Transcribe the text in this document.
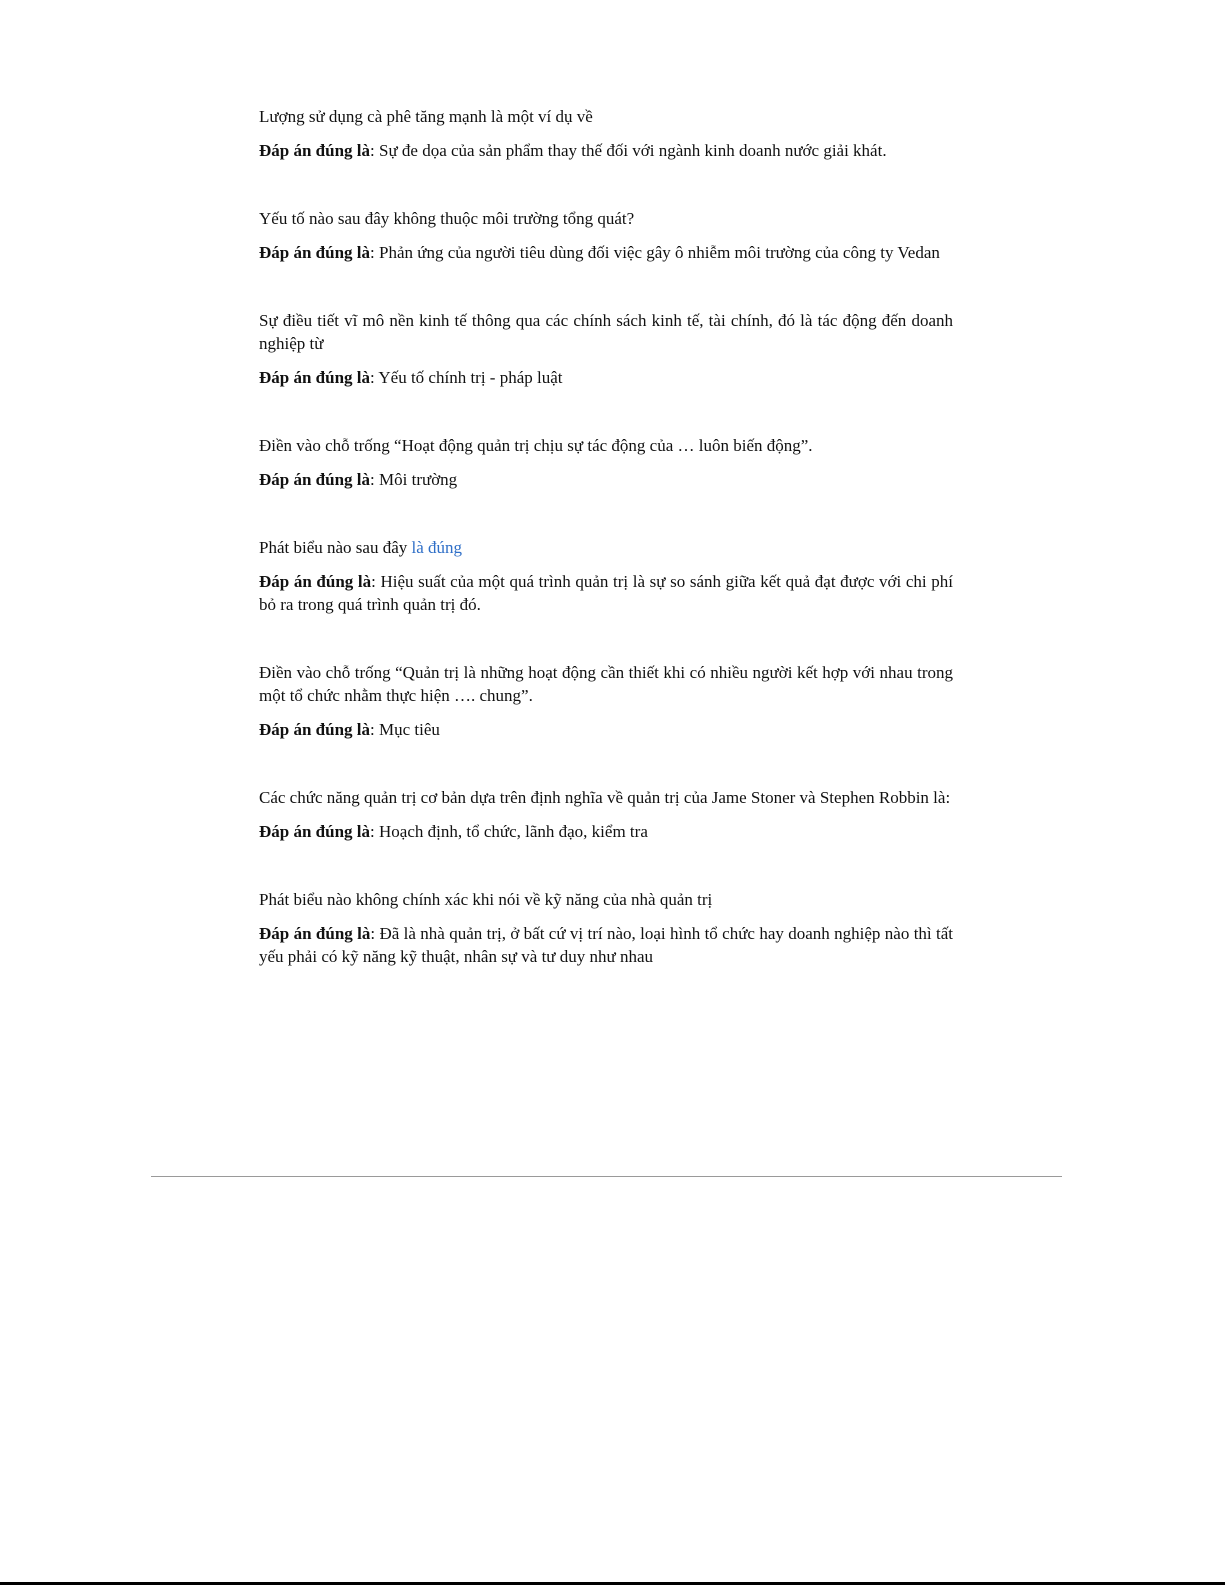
Lượng sử dụng cà phê tăng mạnh là một ví dụ về

Đáp án đúng là: Sự đe dọa của sản phẩm thay thế đối với ngành kinh doanh nước giải khát.

Yếu tố nào sau đây không thuộc môi trường tổng quát?

Đáp án đúng là: Phản ứng của người tiêu dùng đối việc gây ô nhiễm môi trường của công ty Vedan

Sự điều tiết vĩ mô nền kinh tế thông qua các chính sách kinh tế, tài chính, đó là tác động đến doanh nghiệp từ

Đáp án đúng là: Yếu tố chính trị - pháp luật

Điền vào chỗ trống “Hoạt động quản trị chịu sự tác động của … luôn biến động”.

Đáp án đúng là: Môi trường

Phát biểu nào sau đây là đúng

Đáp án đúng là: Hiệu suất của một quá trình quản trị là sự so sánh giữa kết quả đạt được với chi phí bỏ ra trong quá trình quản trị đó.

Điền vào chỗ trống “Quản trị là những hoạt động cần thiết khi có nhiều người kết hợp với nhau trong một tổ chức nhằm thực hiện …. chung”.

Đáp án đúng là: Mục tiêu

Các chức năng quản trị cơ bản dựa trên định nghĩa về quản trị của Jame Stoner và Stephen Robbin là:

Đáp án đúng là: Hoạch định, tổ chức, lãnh đạo, kiểm tra

Phát biểu nào không chính xác khi nói về kỹ năng của nhà quản trị

Đáp án đúng là: Đã là nhà quản trị, ở bất cứ vị trí nào, loại hình tổ chức hay doanh nghiệp nào thì tất yếu phải có kỹ năng kỹ thuật, nhân sự và tư duy như nhau
